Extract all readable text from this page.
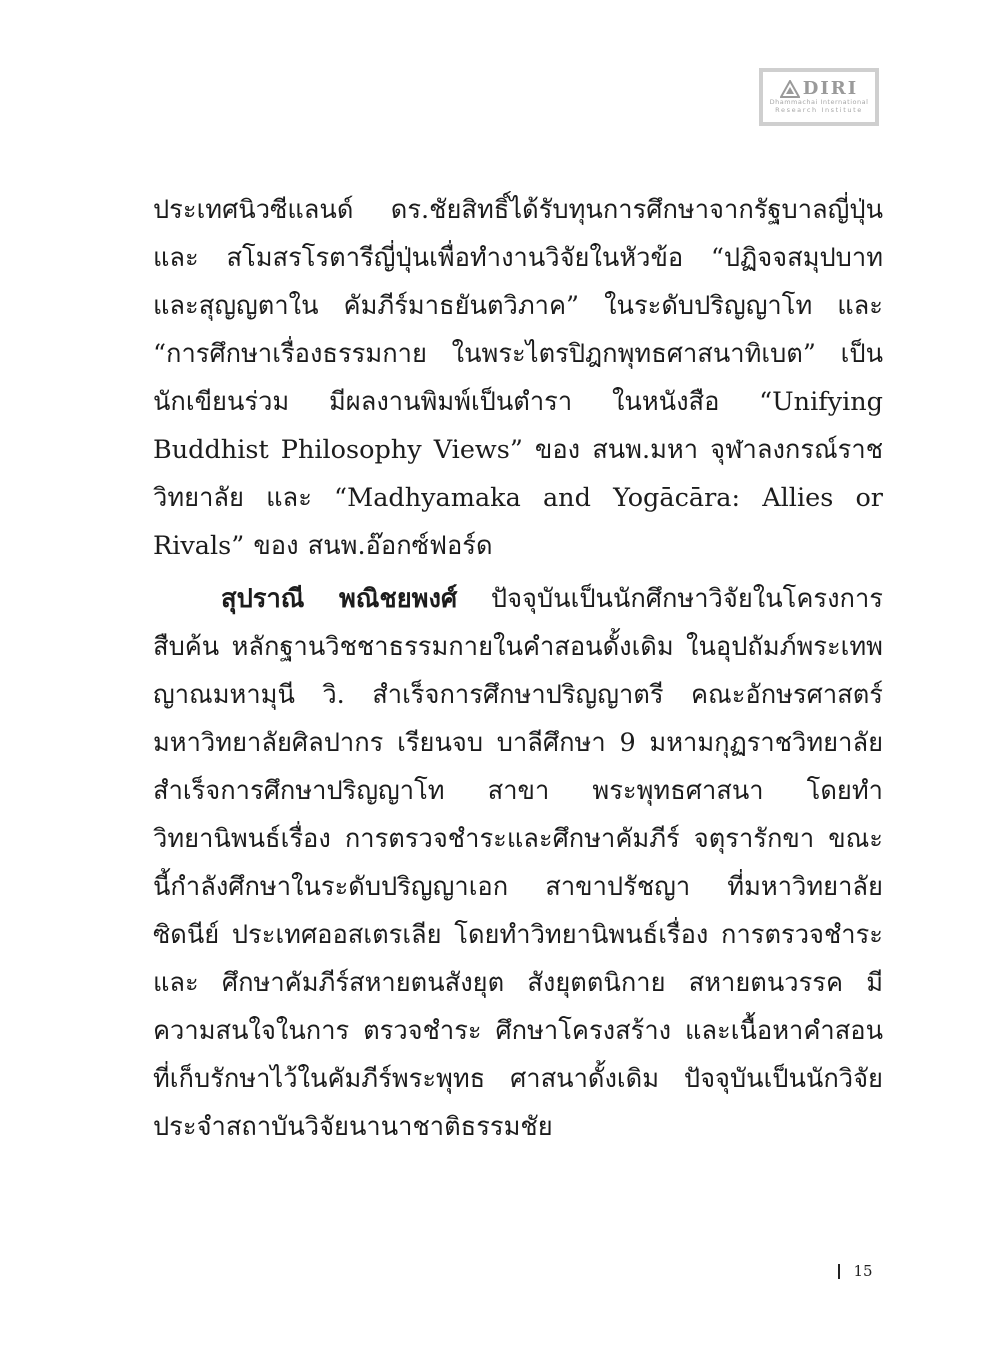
DIRI
Dhammachai International
Research Institute

ประเทศนิวซีแลนด์ ดร.ชัยสิทธิ์ได้รับทุนการศึกษาจากรัฐบาลญี่ปุ่นและ สโมสรโรตารีญี่ปุ่นเพื่อทำงานวิจัยในหัวข้อ “ปฏิจจสมุปบาทและสุญญตาใน คัมภีร์มาธยันตวิภาค” ในระดับปริญญาโท และ “การศึกษาเรื่องธรรมกาย ในพระไตรปิฎกพุทธศาสนาทิเบต” เป็นนักเขียนร่วม มีผลงานพิมพ์เป็นตำรา ในหนังสือ “Unifying Buddhist Philosophy Views” ของ สนพ.มหา จุฬาลงกรณ์ราชวิทยาลัย และ “Madhyamaka and Yogācāra: Allies or Rivals” ของ สนพ.อ๊อกซ์ฟอร์ด

สุปราณี พณิชยพงศ์ ปัจจุบันเป็นนักศึกษาวิจัยในโครงการสืบค้น หลักฐานวิชชาธรรมกายในคำสอนดั้งเดิม ในอุปถัมภ์พระเทพญาณมหามุนี วิ. สำเร็จการศึกษาปริญญาตรี คณะอักษรศาสตร์ มหาวิทยาลัยศิลปากร เรียนจบ บาลีศึกษา 9 มหามกุฏราชวิทยาลัย สำเร็จการศึกษาปริญญาโท สาขา พระพุทธศาสนา โดยทำวิทยานิพนธ์เรื่อง การตรวจชำระและศึกษาคัมภีร์ จตุรารักขา ขณะนี้กำลังศึกษาในระดับปริญญาเอก สาขาปรัชญา ที่มหาวิทยาลัย ซิดนีย์ ประเทศออสเตรเลีย โดยทำวิทยานิพนธ์เรื่อง การตรวจชำระและ ศึกษาคัมภีร์สหายตนสังยุต สังยุตตนิกาย สหายตนวรรค มีความสนใจในการ ตรวจชำระ ศึกษาโครงสร้าง และเนื้อหาคำสอนที่เก็บรักษาไว้ในคัมภีร์พระพุทธ ศาสนาดั้งเดิม ปัจจุบันเป็นนักวิจัยประจำสถาบันวิจัยนานาชาติธรรมชัย

15
